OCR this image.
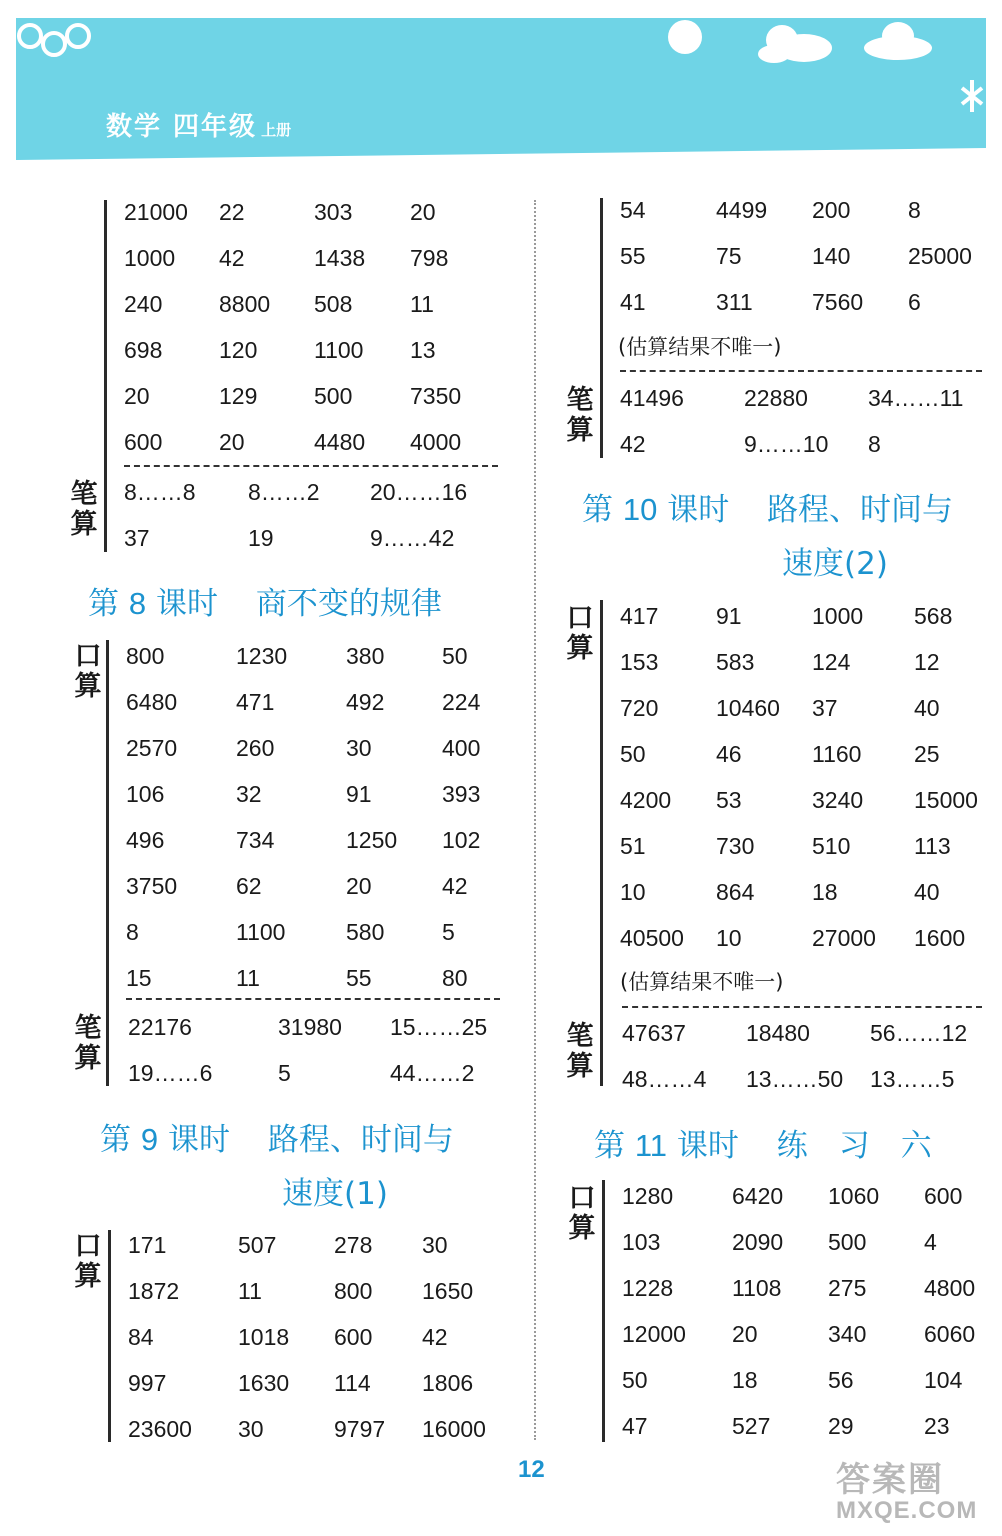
数学 四年级 上册
21000 22	303	20
1000 42	1438 798
240 8800 508	11
698 120 1100 13
20	129 500	7350
600 20	4480 4000
笔算
8……8 8……2 20……16
37	19	9……42
第 8 课时 商不变的规律
口算
800	1230	380	50
6480	471	492	224
2570	260	30	400
106	32	91	393
496	734	1250 102
3750	62	20	42
8	1100	580	5
15	11	55	80
笔算
22176	31980 15……25
19……6	5	44……2
第 9 课时 路程、时间与
速度(1)
口算
171	507	278 30
1872	11	800 1650
84	1018 600 42
997	1630 114 1806
23600 30	9797 16000
54	4499 200	8
55	75	140	25000
41	311	7560 6
(估算结果不唯一)
笔算
41496	22880	34……11
42	9……10 8
第 10 课时 路程、时间与
速度(2)
口算
417	91	1000 568
153	583	124	12
720	10460 37	40
50	46	1160 25
4200 53	3240 15000
51	730	510	113
10	864	18	40
40500 10	27000 1600
(估算结果不唯一)
笔算
47637	18480	56……12
48……4 13……50 13……5
第 11 课时 练　习　六
口算
1280	6420 1060 600
103	2090 500	4
1228	1108 275	4800
12000 20	340	6060
50	18	56	104
47	527	29	23
12	答案圈
MXQE.COM
